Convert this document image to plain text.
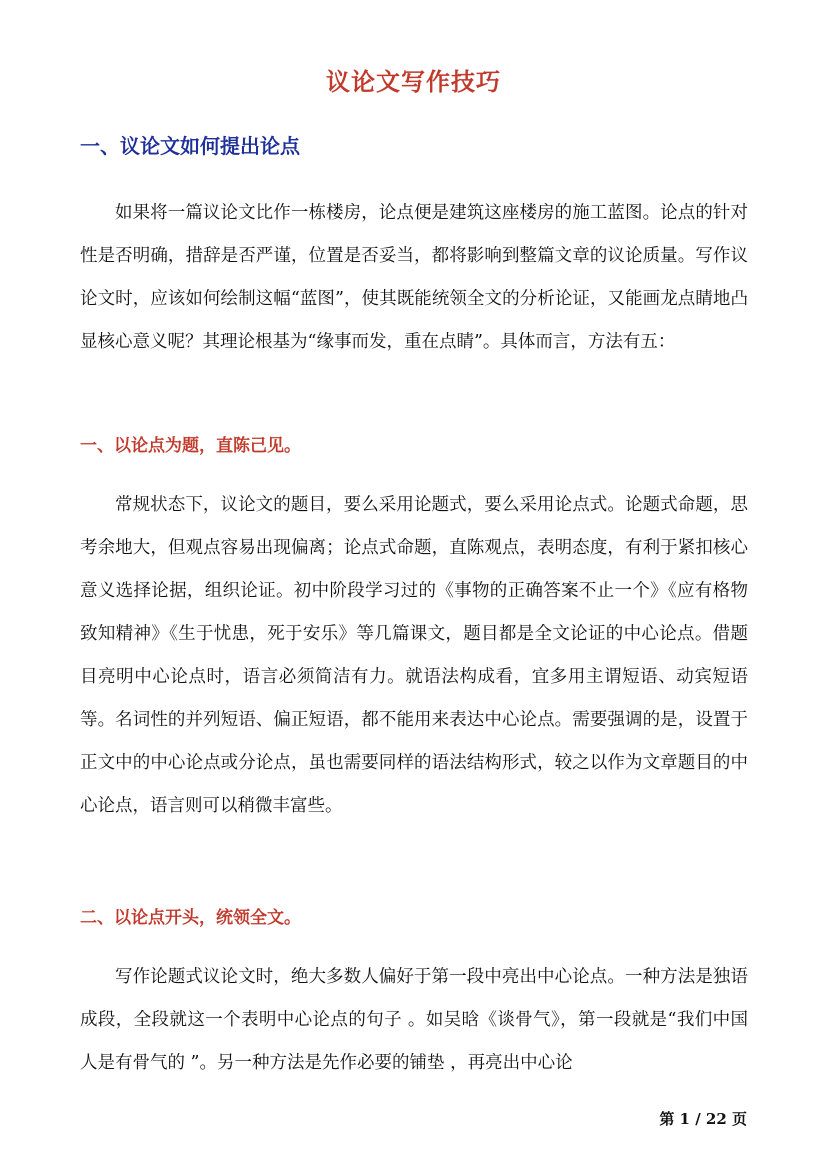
议论文写作技巧
一、议论文如何提出论点
如果将一篇议论文比作一栋楼房，论点便是建筑这座楼房的施工蓝图。论点的针对性是否明确，措辞是否严谨，位置是否妥当，都将影响到整篇文章的议论质量。写作议论文时，应该如何绘制这幅“蓝图”，使其既能统领全文的分析论证，又能画龙点睛地凸显核心意义呢？其理论根基为“缘事而发，重在点睛”。具体而言，方法有五：
一、以论点为题，直陈己见。
常规状态下，议论文的题目，要么采用论题式，要么采用论点式。论题式命题，思考余地大，但观点容易出现偏离；论点式命题，直陈观点，表明态度，有利于紧扣核心意义选择论据，组织论证。初中阶段学习过的《事物的正确答案不止一个》《应有格物致知精神》《生于忧患，死于安乐》等几篇课文，题目都是全文论证的中心论点。借题目亮明中心论点时，语言必须简洁有力。就语法构成看，宜多用主谓短语、动宾短语等。名词性的并列短语、偏正短语，都不能用来表达中心论点。需要强调的是，设置于正文中的中心论点或分论点，虽也需要同样的语法结构形式，较之以作为文章题目的中心论点，语言则可以稍微丰富些。
二、以论点开头，统领全文。
写作论题式议论文时，绝大多数人偏好于第一段中亮出中心论点。一种方法是独语成段，全段就这一个表明中心论点的句子 。如吴晗《谈骨气》，第一段就是“我们中国人是有骨气的 ”。另一种方法是先作必要的铺垫 ，再亮出中心论
第 1 / 22 页
